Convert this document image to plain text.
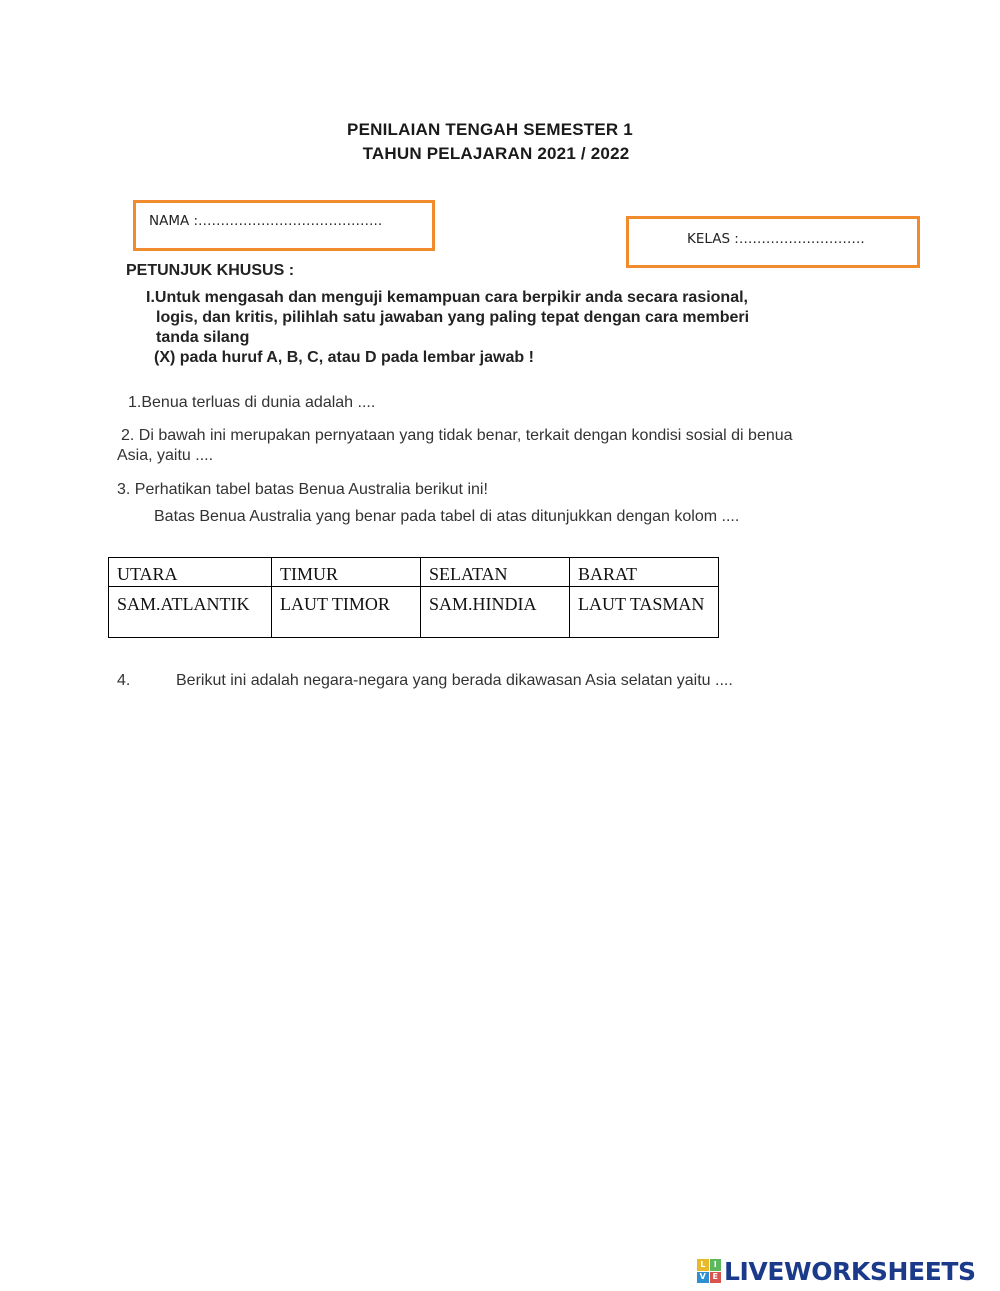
PENILAIAN TENGAH SEMESTER 1
TAHUN PELAJARAN 2021 / 2022
NAMA :…………………………………..
KELAS :……………………….
PETUNJUK KHUSUS :
I.Untuk mengasah dan menguji kemampuan cara berpikir anda secara rasional,
logis, dan kritis, pilihlah satu jawaban yang paling tepat dengan cara memberi
tanda silang
(X) pada huruf A, B, C, atau D pada lembar jawab !
1.Benua terluas di dunia adalah ....
2. Di bawah ini merupakan pernyataan yang tidak benar, terkait dengan kondisi sosial di benua
Asia, yaitu ....
3. Perhatikan tabel batas Benua Australia berikut ini!
Batas Benua Australia yang benar pada tabel di atas ditunjukkan dengan kolom ....
UTARA	TIMUR	SELATAN	BARAT
SAM.ATLANTIK	LAUT TIMOR	SAM.HINDIA	LAUT TASMAN
4.	Berikut ini adalah negara-negara yang berada dikawasan Asia selatan yaitu ....
L	I
V E LIVEWORKSHEETS
